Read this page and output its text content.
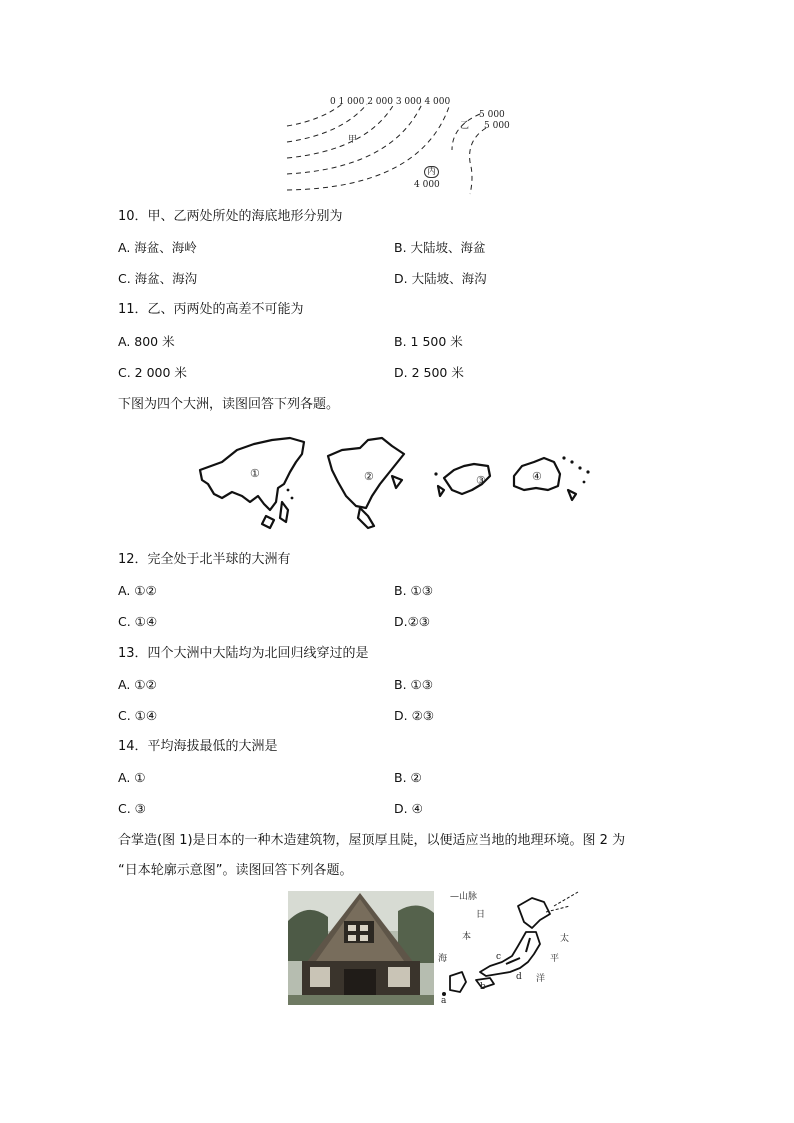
0 1 000 2 000 3 000 4 000
5 000
5 000
甲
乙
丙
4 000
10．甲、乙两处所处的海底地形分别为
A. 海盆、海岭	B. 大陆坡、海盆
C. 海盆、海沟	D. 大陆坡、海沟
11．乙、丙两处的高差不可能为
A. 800 米	B. 1 500 米
C. 2 000 米	D. 2 500 米
下图为四个大洲，读图回答下列各题。
①	②	③	④
12．完全处于北半球的大洲有
A. ①②	B. ①③
C. ①④	D.②③
13．四个大洲中大陆均为北回归线穿过的是
A. ①②	B. ①③
C. ①④	D. ②③
14．平均海拔最低的大洲是
A. ①	B. ②
C. ③	D. ④
合掌造(图 1)是日本的一种木造建筑物，屋顶厚且陡，以便适应当地的地理环境。图 2 为
“日本轮廓示意图”。读图回答下列各题。
—山脉
日
本
海
太
平
洋
a
b
c
d
